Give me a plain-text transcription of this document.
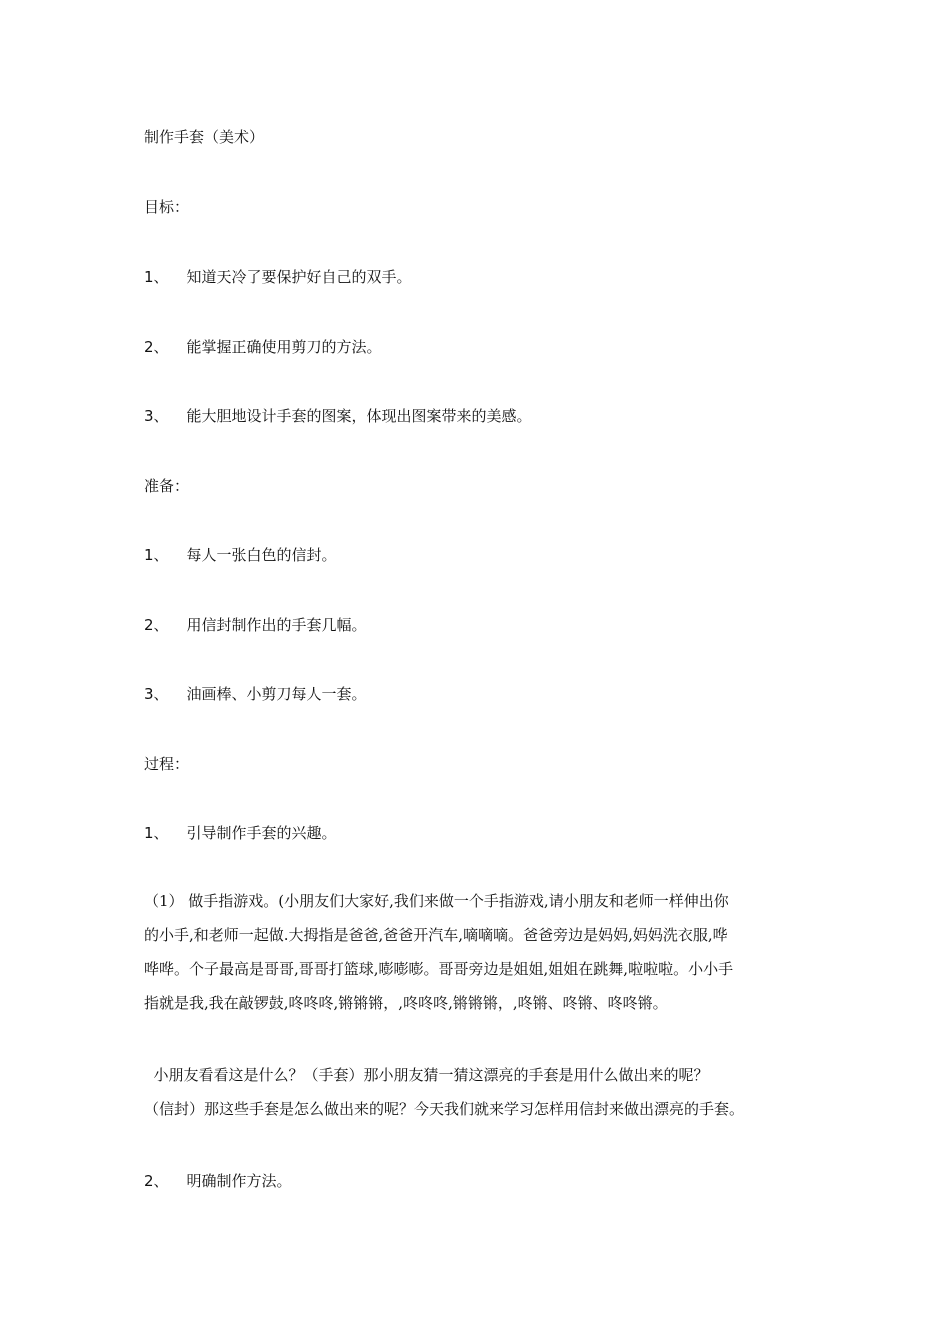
制作手套（美术）
目标：
1、 知道天冷了要保护好自己的双手。
2、 能掌握正确使用剪刀的方法。
3、 能大胆地设计手套的图案，体现出图案带来的美感。
准备：
1、 每人一张白色的信封。
2、 用信封制作出的手套几幅。
3、 油画棒、小剪刀每人一套。
过程：
1、 引导制作手套的兴趣。
（1） 做手指游戏。(小朋友们大家好,我们来做一个手指游戏,请小朋友和老师一样伸出你
的小手,和老师一起做.大拇指是爸爸,爸爸开汽车,嘀嘀嘀。爸爸旁边是妈妈,妈妈洗衣服,哗
哗哗。个子最高是哥哥,哥哥打篮球,嘭嘭嘭。哥哥旁边是姐姐,姐姐在跳舞,啦啦啦。小小手
指就是我,我在敲锣鼓,咚咚咚,锵锵锵，,咚咚咚,锵锵锵，,咚锵、咚锵、咚咚锵。
小朋友看看这是什么？（手套）那小朋友猜一猜这漂亮的手套是用什么做出来的呢？
（信封）那这些手套是怎么做出来的呢？今天我们就来学习怎样用信封来做出漂亮的手套。
2、 明确制作方法。
